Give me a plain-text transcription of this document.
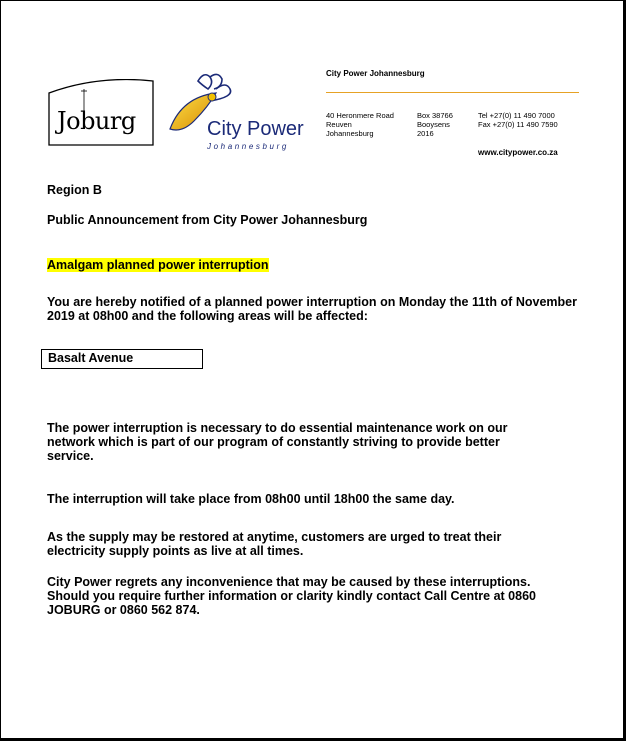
Joburg	City Power
Johannesburg
City Power Johannesburg
40 Heronmere Road
Reuven
Johannesburg
Box 38766
Booysens
2016
Tel +27(0) 11 490 7000
Fax +27(0) 11 490 7590
www.citypower.co.za
Region B
Public Announcement from City Power Johannesburg
Amalgam planned power interruption
You are hereby notified of a planned power interruption on Monday the 11th of November 2019 at 08h00 and the following areas will be affected:
Basalt Avenue
The power interruption is necessary to do essential maintenance work on our network which is part of our program of constantly striving to provide better service.
The interruption will take place from 08h00 until 18h00 the same day.
As the supply may be restored at anytime, customers are urged to treat their electricity supply points as live at all times.
City Power regrets any inconvenience that may be caused by these interruptions. Should you require further information or clarity kindly contact Call Centre at 0860 JOBURG or 0860 562 874.
